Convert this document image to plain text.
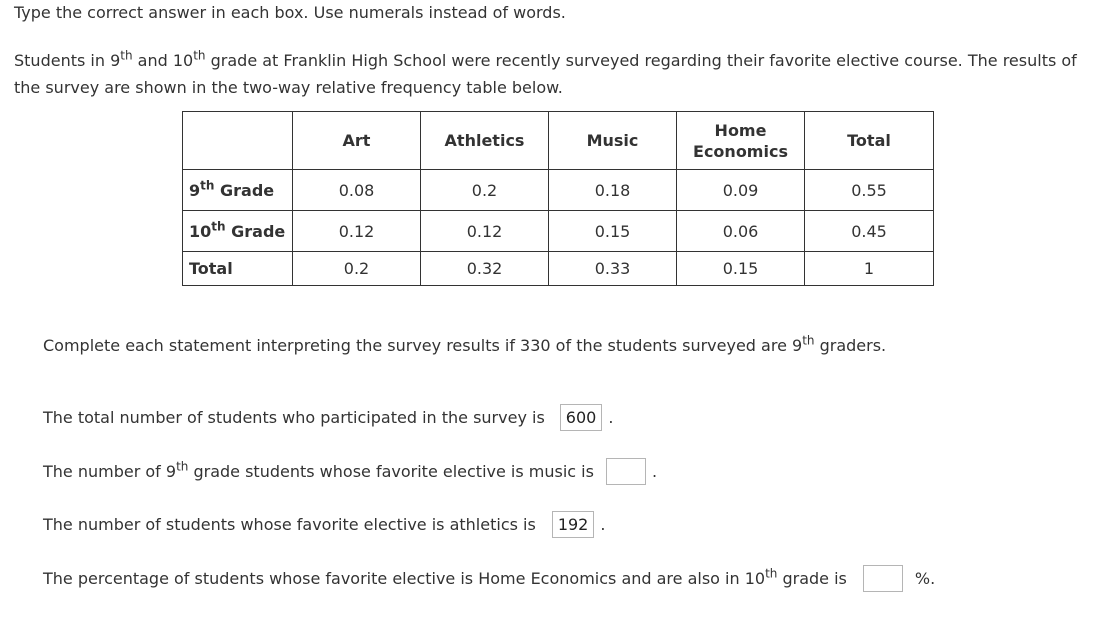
Type the correct answer in each box. Use numerals instead of words.
Students in 9th and 10th grade at Franklin High School were recently surveyed regarding their favorite elective course. The results of the survey are shown in the two-way relative frequency table below.
	Art	Athletics	Music	Home Economics	Total
9th Grade	0.08	0.2	0.18	0.09	0.55
10th Grade	0.12	0.12	0.15	0.06	0.45
Total	0.2	0.32	0.33	0.15	1
Complete each statement interpreting the survey results if 330 of the students surveyed are 9th graders.
The total number of students who participated in the survey is 600 .
The number of 9th grade students whose favorite elective is music is	.
The number of students whose favorite elective is athletics is 192 .
The percentage of students whose favorite elective is Home Economics and are also in 10th grade is	%.
